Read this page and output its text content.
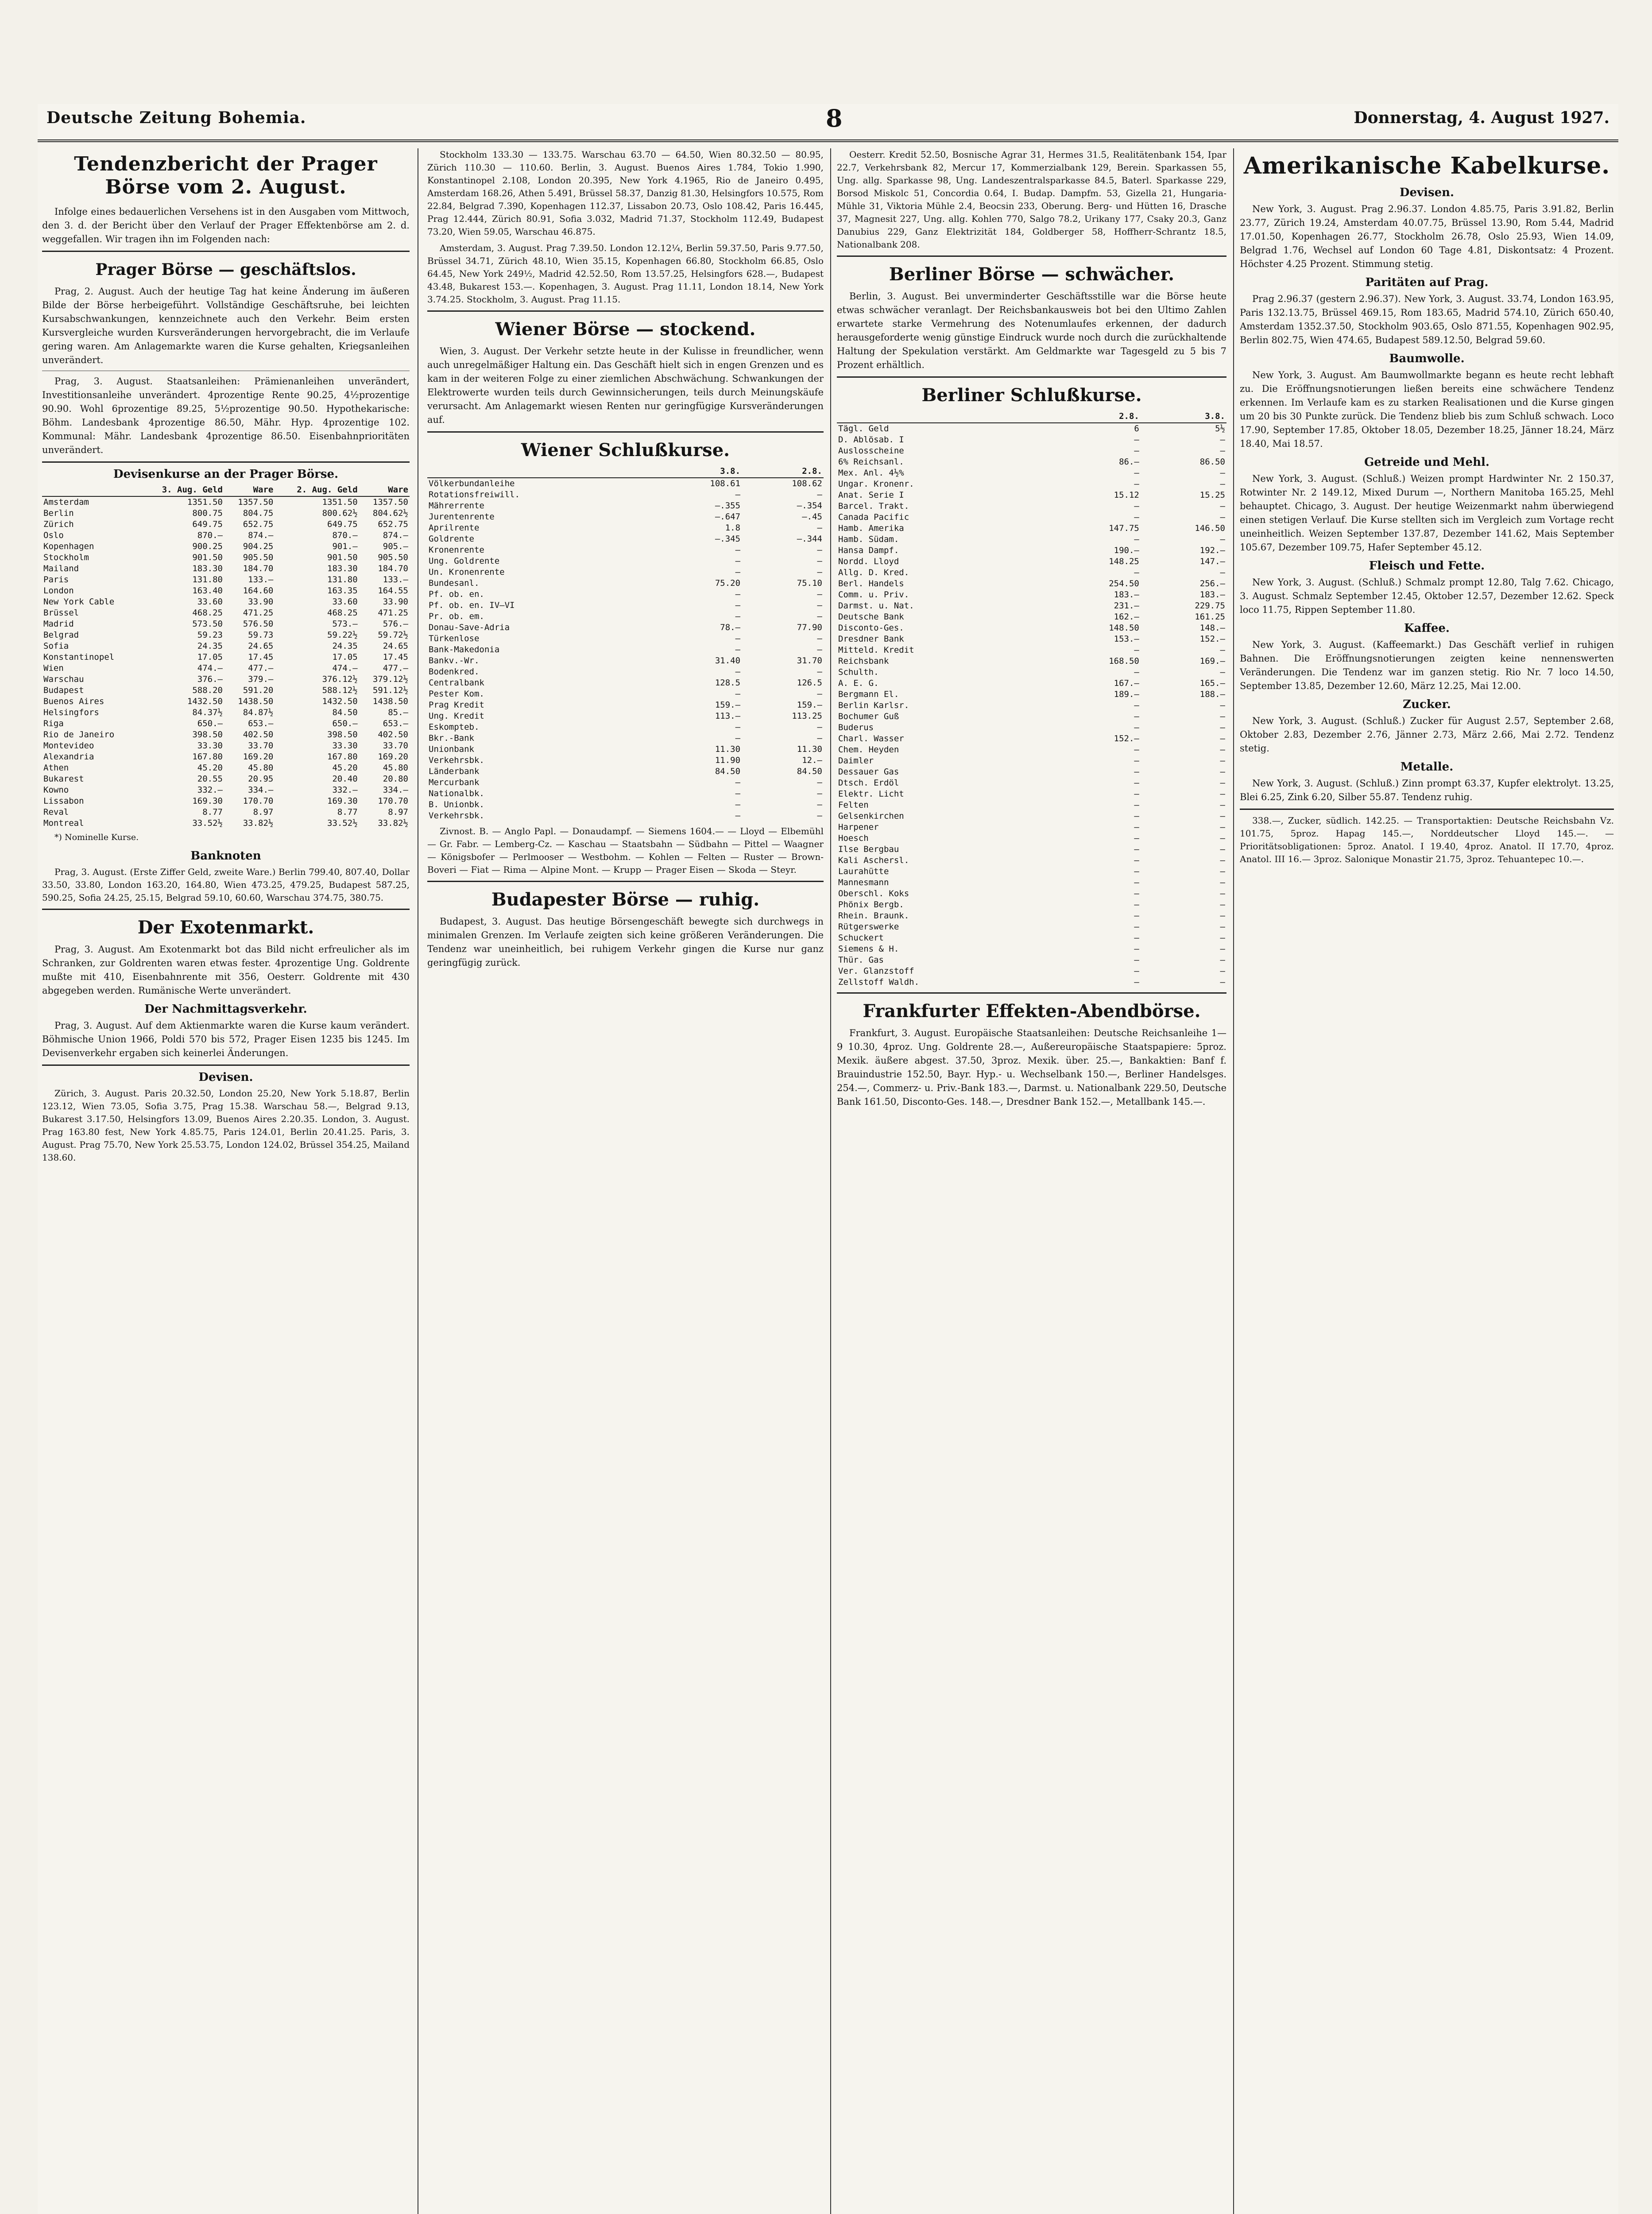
Deutsche Zeitung Bohemia.	8	Donnerstag, 4. August 1927.
Tendenzbericht der Prager Börse vom 2. August.

Infolge eines bedauerlichen Versehens ist in den Ausgaben vom Mittwoch, den 3. d. der Bericht über den Verlauf der Prager Effektenbörse am 2. d. weggefallen. Wir tragen ihn im Folgenden nach:

Prager Börse — geschäftslos.

Prag, 2. August. Auch der heutige Tag hat keine Änderung im äußeren Bilde der Börse herbeigeführt. Vollständige Geschäftsruhe, bei leichten Kursabschwankungen, kennzeichnete auch den Verkehr. Beim ersten Kursvergleiche wurden Kursveränderungen hervorgebracht, die im Verlaufe gering waren. Am Anlagemarkte waren die Kurse gehalten, Kriegsanleihen unverändert.

Prag, 3. August. Staatsanleihen: Prämienanleihen unverändert, Investitionsanleihe unverändert. 4prozentige Rente 90.25, 4½prozentige 90.90. Wohl 6prozentige 89.25, 5½prozentige 90.50. Hypothekarische: Böhm. Landesbank 4prozentige 86.50, Mähr. Hyp. 4prozentige 102. Kommunal: Mähr. Landesbank 4prozentige 86.50. Eisenbahnprioritäten unverändert.

Devisenkurse an der Prager Börse.
	3. Aug. Geld	Ware	2. Aug. Geld	Ware
Amsterdam	1351.50	1357.50	1351.50	1357.50
Berlin	800.75	804.75	800.62½	804.62½
Zürich	649.75	652.75	649.75	652.75
Oslo	870.—	874.—	870.—	874.—
Kopenhagen	900.25	904.25	901.—	905.—
Stockholm	901.50	905.50	901.50	905.50
Mailand	183.30	184.70	183.30	184.70
Paris	131.80	133.—	131.80	133.—
London	163.40	164.60	163.35	164.55
New York Cable	33.60	33.90	33.60	33.90
Brüssel	468.25	471.25	468.25	471.25
Madrid	573.50	576.50	573.—	576.—
Belgrad	59.23	59.73	59.22½	59.72½
Sofia	24.35	24.65	24.35	24.65
Konstantinopel	17.05	17.45	17.05	17.45
Wien	474.—	477.—	474.—	477.—
Warschau	376.—	379.—	376.12½	379.12½
Budapest	588.20	591.20	588.12½	591.12½
Buenos Aires	1432.50	1438.50	1432.50	1438.50
Helsingfors	84.37½	84.87½	84.50	85.—
Riga	650.—	653.—	650.—	653.—
Rio de Janeiro	398.50	402.50	398.50	402.50
Montevideo	33.30	33.70	33.30	33.70
Alexandria	167.80	169.20	167.80	169.20
Athen	45.20	45.80	45.20	45.80
Bukarest	20.55	20.95	20.40	20.80
Kowno	332.—	334.—	332.—	334.—
Lissabon	169.30	170.70	169.30	170.70
Reval	8.77	8.97	8.77	8.97
Montreal	33.52½	33.82½	33.52½	33.82½

*) Nominelle Kurse.

Banknoten

Prag, 3. August. (Erste Ziffer Geld, zweite Ware.) Berlin 799.40, 807.40, Dollar 33.50, 33.80, London 163.20, 164.80, Wien 473.25, 479.25, Budapest 587.25, 590.25, Sofia 24.25, 25.15, Belgrad 59.10, 60.60, Warschau 374.75, 380.75.

Der Exotenmarkt.

Prag, 3. August. Am Exotenmarkt bot das Bild nicht erfreulicher als im Schranken, zur Goldrenten waren etwas fester. 4prozentige Ung. Goldrente mußte mit 410, Eisenbahnrente mit 356, Oesterr. Goldrente mit 430 abgegeben werden. Rumänische Werte unverändert.

Der Nachmittagsverkehr.

Prag, 3. August. Auf dem Aktienmarkte waren die Kurse kaum verändert. Böhmische Union 1966, Poldi 570 bis 572, Prager Eisen 1235 bis 1245. Im Devisenverkehr ergaben sich keinerlei Änderungen.

Devisen.

Zürich, 3. August. Paris 20.32.50, London 25.20, New York 5.18.87, Berlin 123.12, Wien 73.05, Sofia 3.75, Prag 15.38. Warschau 58.—, Belgrad 9.13, Bukarest 3.17.50, Helsingfors 13.09, Buenos Aires 2.20.35. London, 3. August. Prag 163.80 fest, New York 4.85.75, Paris 124.01, Berlin 20.41.25. Paris, 3. August. Prag 75.70, New York 25.53.75, London 124.02, Brüssel 354.25, Mailand 138.60.

Stockholm 133.30 — 133.75. Warschau 63.70 — 64.50, Wien 80.32.50 — 80.95, Zürich 110.30 — 110.60. Berlin, 3. August. Buenos Aires 1.784, Tokio 1.990, Konstantinopel 2.108, London 20.395, New York 4.1965, Rio de Janeiro 0.495, Amsterdam 168.26, Athen 5.491, Brüssel 58.37, Danzig 81.30, Helsingfors 10.575, Rom 22.84, Belgrad 7.390, Kopenhagen 112.37, Lissabon 20.73, Oslo 108.42, Paris 16.445, Prag 12.444, Zürich 80.91, Sofia 3.032, Madrid 71.37, Stockholm 112.49, Budapest 73.20, Wien 59.05, Warschau 46.875.

Amsterdam, 3. August. Prag 7.39.50. London 12.12¼, Berlin 59.37.50, Paris 9.77.50, Brüssel 34.71, Zürich 48.10, Wien 35.15, Kopenhagen 66.80, Stockholm 66.85, Oslo 64.45, New York 249½, Madrid 42.52.50, Rom 13.57.25, Helsingfors 628.—, Budapest 43.48, Bukarest 153.—. Kopenhagen, 3. August. Prag 11.11, London 18.14, New York 3.74.25. Stockholm, 3. August. Prag 11.15.

Wiener Börse — stockend.

Wien, 3. August. Der Verkehr setzte heute in der Kulisse in freundlicher, wenn auch unregelmäßiger Haltung ein. Das Geschäft hielt sich in engen Grenzen und es kam in der weiteren Folge zu einer ziemlichen Abschwächung. Schwankungen der Elektrowerte wurden teils durch Gewinnsicherungen, teils durch Meinungskäufe verursacht. Am Anlagemarkt wiesen Renten nur geringfügige Kursveränderungen auf.

Wiener Schlußkurse.
	3.8.	2.8.
Völkerbundanleihe	108.61	108.62
Rotationsfreiwill.	—	—
Mährerrente	—.355	—.354
Jurentenrente	—.647	—.45
Aprilrente	1.8	—
Goldrente	—.345	—.344
Kronenrente	—	—
Ung. Goldrente	—	—
Un. Kronenrente	—	—
Bundesanl.	75.20	75.10
Pf. ob. en.	—	—
Pf. ob. en. IV—VI	—	—
Pr. ob. em.	—	—
Donau-Save-Adria	78.—	77.90
Türkenlose	—	—
Bank-Makedonia	—	—
Bankv.-Wr.	31.40	31.70
Bodenkred.	—	—
Centralbank	128.5	126.5
Pester Kom.	—	—
Prag Kredit	159.—	159.—
Ung. Kredit	113.—	113.25
Eskompteb.	—	—
Bkr.-Bank	—	—
Unionbank	11.30	11.30
Verkehrsbk.	11.90	12.—
Länderbank	84.50	84.50
Mercurbank	—	—
Nationalbk.	—	—
B. Unionbk.	—	—
Verkehrsbk.	—	—

Zivnost. B. — Anglo Papl. — Donaudampf. — Siemens 1604.— — Lloyd — Elbemühl — Gr. Fabr. — Lemberg-Cz. — Kaschau — Staatsbahn — Südbahn — Pittel — Waagner — Königsbofer — Perlmooser — Westbohm. — Kohlen — Felten — Ruster — Brown-Boveri — Fiat — Rima — Alpine Mont. — Krupp — Prager Eisen — Skoda — Steyr.

Budapester Börse — ruhig.

Budapest, 3. August. Das heutige Börsengeschäft bewegte sich durchwegs in minimalen Grenzen. Im Verlaufe zeigten sich keine größeren Veränderungen. Die Tendenz war uneinheitlich, bei ruhigem Verkehr gingen die Kurse nur ganz geringfügig zurück.

Oesterr. Kredit 52.50, Bosnische Agrar 31, Hermes 31.5, Realitätenbank 154, Ipar 22.7, Verkehrsbank 82, Mercur 17, Kommerzialbank 129, Berein. Sparkassen 55, Ung. allg. Sparkasse 98, Ung. Landeszentralsparkasse 84.5, Baterl. Sparkasse 229, Borsod Miskolc 51, Concordia 0.64, I. Budap. Dampfm. 53, Gizella 21, Hungaria-Mühle 31, Viktoria Mühle 2.4, Beocsin 233, Oberung. Berg- und Hütten 16, Drasche 37, Magnesit 227, Ung. allg. Kohlen 770, Salgo 78.2, Urikany 177, Csaky 20.3, Ganz Danubius 229, Ganz Elektrizität 184, Goldberger 58, Hoffherr-Schrantz 18.5, Nationalbank 208.

Berliner Börse — schwächer.

Berlin, 3. August. Bei unverminderter Geschäftsstille war die Börse heute etwas schwächer veranlagt. Der Reichsbankausweis bot bei den Ultimo Zahlen erwartete starke Vermehrung des Notenumlaufes erkennen, der dadurch herausgeforderte wenig günstige Eindruck wurde noch durch die zurückhaltende Haltung der Spekulation verstärkt. Am Geldmarkte war Tagesgeld zu 5 bis 7 Prozent erhältlich.

Berliner Schlußkurse.
	2.8.	3.8.
Tägl. Geld	6	5½
D. Ablösab. I	—	—
Auslosscheine	—	—
6% Reichsanl.	86.—	86.50
Mex. Anl. 4½%	—	—
Ungar. Kronenr.	—	—
Anat. Serie I	15.12	15.25
Barcel. Trakt.	—	—
Canada Pacific	—	—
Hamb. Amerika	147.75	146.50
Hamb. Südam.	—	—
Hansa Dampf.	190.—	192.—
Nordd. Lloyd	148.25	147.—
Allg. D. Kred.	—	—
Berl. Handels	254.50	256.—
Comm. u. Priv.	183.—	183.—
Darmst. u. Nat.	231.—	229.75
Deutsche Bank	162.—	161.25
Disconto-Ges.	148.50	148.—
Dresdner Bank	153.—	152.—
Mitteld. Kredit	—	—
Reichsbank	168.50	169.—
Schulth.	—	—
A. E. G.	167.—	165.—
Bergmann El.	189.—	188.—
Berlin Karlsr.	—	—
Bochumer Guß	—	—
Buderus	—	—
Charl. Wasser	152.—	—
Chem. Heyden	—	—
Daimler	—	—
Dessauer Gas	—	—
Dtsch. Erdöl	—	—
Elektr. Licht	—	—
Felten	—	—
Gelsenkirchen	—	—
Harpener	—	—
Hoesch	—	—
Ilse Bergbau	—	—
Kali Aschersl.	—	—
Laurahütte	—	—
Mannesmann	—	—
Oberschl. Koks	—	—
Phönix Bergb.	—	—
Rhein. Braunk.	—	—
Rütgerswerke	—	—
Schuckert	—	—
Siemens & H.	—	—
Thür. Gas	—	—
Ver. Glanzstoff	—	—
Zellstoff Waldh.	—	—
Frankfurter Effekten-Abendbörse.

Frankfurt, 3. August. Europäische Staatsanleihen: Deutsche Reichsanleihe 1—9 10.30, 4proz. Ung. Goldrente 28.—, Außereuropäische Staatspapiere: 5proz. Mexik. äußere abgest. 37.50, 3proz. Mexik. über. 25.—, Bankaktien: Banf f. Brauindustrie 152.50, Bayr. Hyp.- u. Wechselbank 150.—, Berliner Handelsges. 254.—, Commerz- u. Priv.-Bank 183.—, Darmst. u. Nationalbank 229.50, Deutsche Bank 161.50, Disconto-Ges. 148.—, Dresdner Bank 152.—, Metallbank 145.—.

Amerikanische Kabelkurse.
Devisen.

New York, 3. August. Prag 2.96.37. London 4.85.75, Paris 3.91.82, Berlin 23.77, Zürich 19.24, Amsterdam 40.07.75, Brüssel 13.90, Rom 5.44, Madrid 17.01.50, Kopenhagen 26.77, Stockholm 26.78, Oslo 25.93, Wien 14.09, Belgrad 1.76, Wechsel auf London 60 Tage 4.81, Diskontsatz: 4 Prozent. Höchster 4.25 Prozent. Stimmung stetig.

Paritäten auf Prag.

Prag 2.96.37 (gestern 2.96.37). New York, 3. August. 33.74, London 163.95, Paris 132.13.75, Brüssel 469.15, Rom 183.65, Madrid 574.10, Zürich 650.40, Amsterdam 1352.37.50, Stockholm 903.65, Oslo 871.55, Kopenhagen 902.95, Berlin 802.75, Wien 474.65, Budapest 589.12.50, Belgrad 59.60.

Baumwolle.

New York, 3. August. Am Baumwollmarkte begann es heute recht lebhaft zu. Die Eröffnungsnotierungen ließen bereits eine schwächere Tendenz erkennen. Im Verlaufe kam es zu starken Realisationen und die Kurse gingen um 20 bis 30 Punkte zurück. Die Tendenz blieb bis zum Schluß schwach. Loco 17.90, September 17.85, Oktober 18.05, Dezember 18.25, Jänner 18.24, März 18.40, Mai 18.57.

Getreide und Mehl.

New York, 3. August. (Schluß.) Weizen prompt Hardwinter Nr. 2 150.37, Rotwinter Nr. 2 149.12, Mixed Durum —, Northern Manitoba 165.25, Mehl behauptet. Chicago, 3. August. Der heutige Weizenmarkt nahm überwiegend einen stetigen Verlauf. Die Kurse stellten sich im Vergleich zum Vortage recht uneinheitlich. Weizen September 137.87, Dezember 141.62, Mais September 105.67, Dezember 109.75, Hafer September 45.12.

Fleisch und Fette.

New York, 3. August. (Schluß.) Schmalz prompt 12.80, Talg 7.62. Chicago, 3. August. Schmalz September 12.45, Oktober 12.57, Dezember 12.62. Speck loco 11.75, Rippen September 11.80.

Kaffee.

New York, 3. August. (Kaffeemarkt.) Das Geschäft verlief in ruhigen Bahnen. Die Eröffnungsnotierungen zeigten keine nennenswerten Veränderungen. Die Tendenz war im ganzen stetig. Rio Nr. 7 loco 14.50, September 13.85, Dezember 12.60, März 12.25, Mai 12.00.

Zucker.

New York, 3. August. (Schluß.) Zucker für August 2.57, September 2.68, Oktober 2.83, Dezember 2.76, Jänner 2.73, März 2.66, Mai 2.72. Tendenz stetig.

Metalle.

New York, 3. August. (Schluß.) Zinn prompt 63.37, Kupfer elektrolyt. 13.25, Blei 6.25, Zink 6.20, Silber 55.87. Tendenz ruhig.

338.—, Zucker, südlich. 142.25. — Transportaktien: Deutsche Reichsbahn Vz. 101.75, 5proz. Hapag 145.—, Norddeutscher Lloyd 145.—. — Prioritätsobligationen: 5proz. Anatol. I 19.40, 4proz. Anatol. II 17.70, 4proz. Anatol. III 16.— 3proz. Salonique Monastir 21.75, 3proz. Tehuantepec 10.—.
